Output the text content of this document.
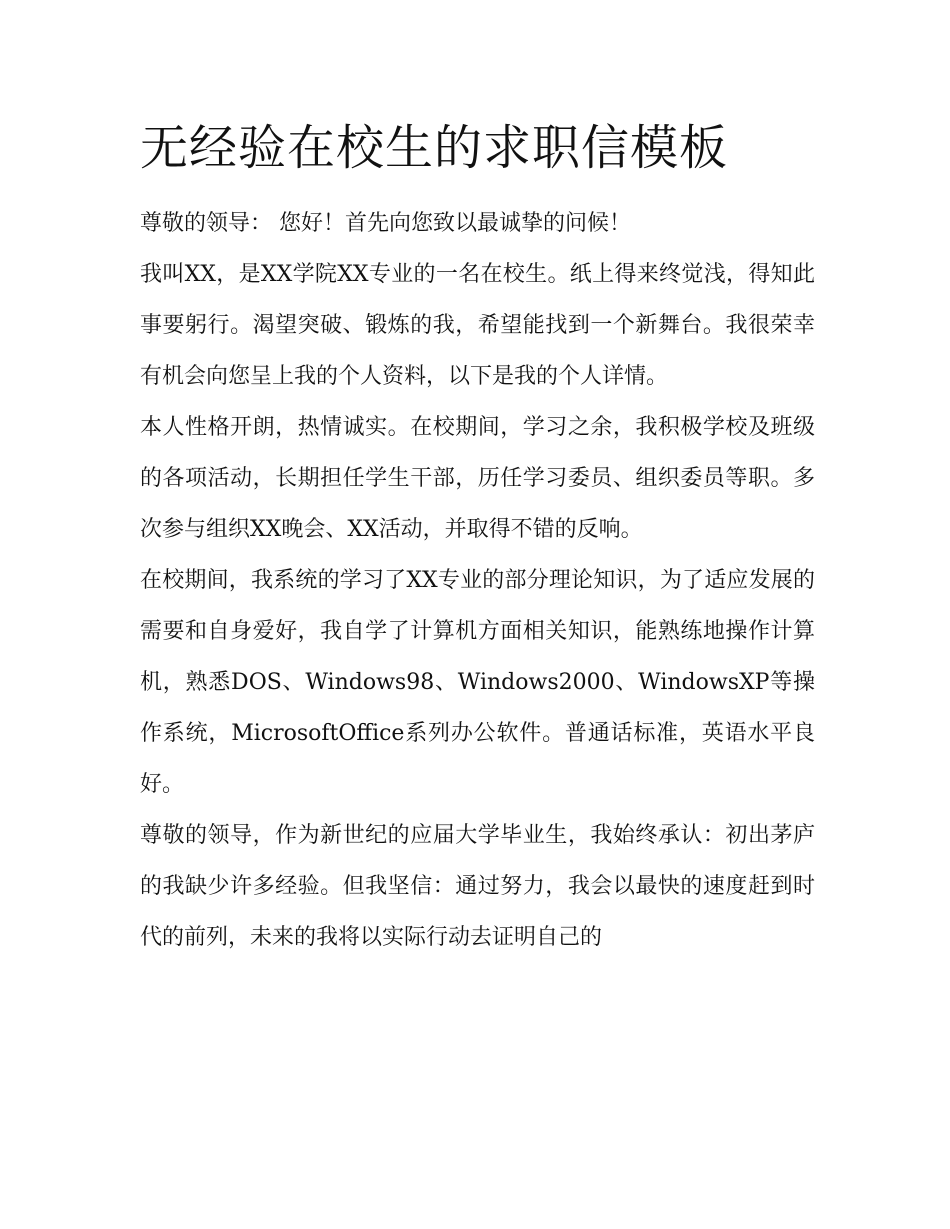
无经验在校生的求职信模板

尊敬的领导： 您好！首先向您致以最诚挚的问候！

我叫XX，是XX学院XX专业的一名在校生。纸上得来终觉浅，得知此事要躬行。渴望突破、锻炼的我，希望能找到一个新舞台。我很荣幸有机会向您呈上我的个人资料，以下是我的个人详情。

本人性格开朗，热情诚实。在校期间，学习之余，我积极学校及班级的各项活动，长期担任学生干部，历任学习委员、组织委员等职。多次参与组织XX晚会、XX活动，并取得不错的反响。

在校期间，我系统的学习了XX专业的部分理论知识，为了适应发展的需要和自身爱好，我自学了计算机方面相关知识，能熟练地操作计算机，熟悉DOS、Windows98、Windows2000、WindowsXP等操作系统，MicrosoftOffice系列办公软件。普通话标准，英语水平良好。

尊敬的领导，作为新世纪的应届大学毕业生，我始终承认：初出茅庐的我缺少许多经验。但我坚信：通过努力，我会以最快的速度赶到时代的前列，未来的我将以实际行动去证明自己的
